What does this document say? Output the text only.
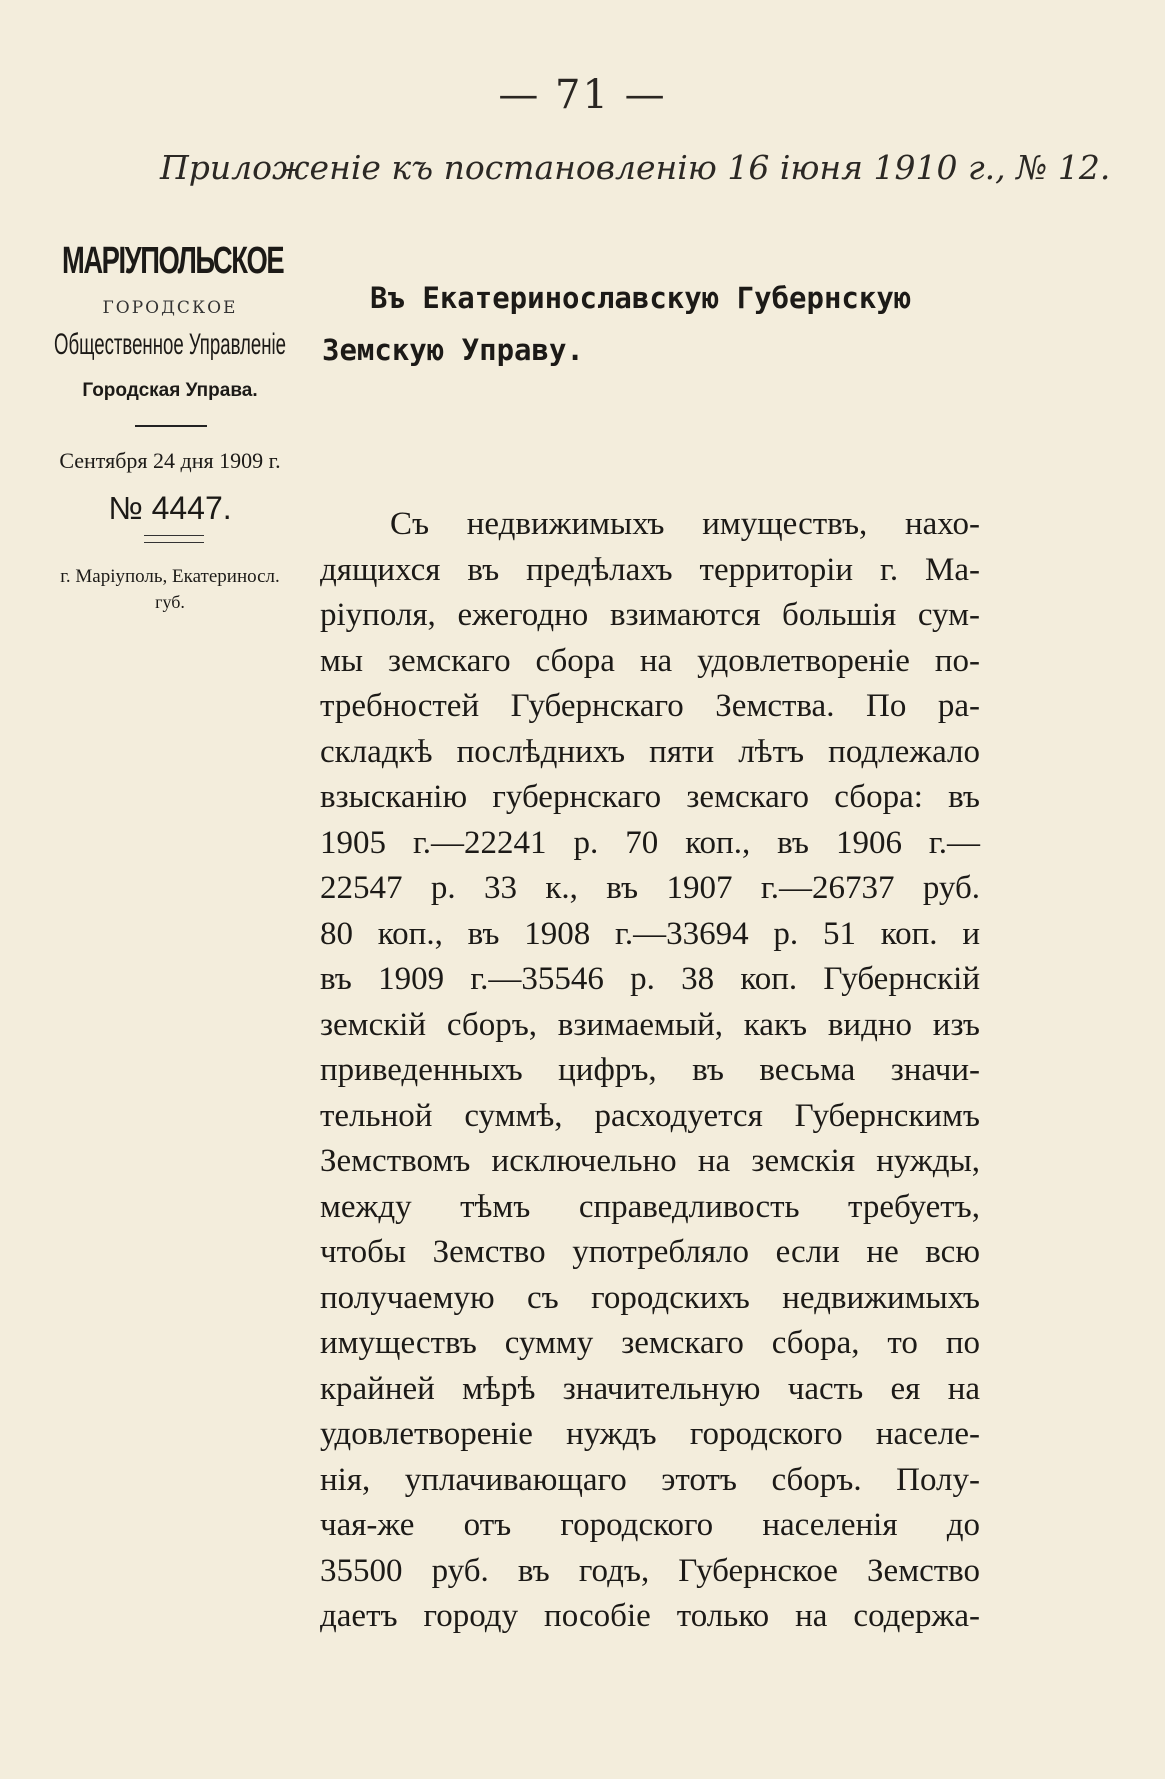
— 71 —
Приложеніе къ постановленію 16 іюня 1910 г., № 12.
МАРІУПОЛЬСКОЕ
ГОРОДСКОЕ
Общественное Управленіе
Городская Управа.
Сентября 24 дня 1909 г.
№ 4447.
г. Маріуполь, Екатериносл.
губ.
Въ Екатеринославскую Губернскую
Земскую Управу.
Съ недвижимыхъ имуществъ, нахо-
дящихся въ предѣлахъ территоріи г. Ма-
ріуполя, ежегодно взимаются большія сум-
мы земскаго сбора на удовлетвореніе по-
требностей Губернскаго Земства. По ра-
складкѣ послѣднихъ пяти лѣтъ подлежало
взысканію губернскаго земскаго сбора: въ
1905 г.—22241 р. 70 коп., въ 1906 г.—
22547 р. 33 к., въ 1907 г.—26737 руб.
80 коп., въ 1908 г.—33694 р. 51 коп. и
въ 1909 г.—35546 р. 38 коп. Губернскій
земскій сборъ, взимаемый, какъ видно изъ
приведенныхъ цифръ, въ весьма значи-
тельной суммѣ, расходуется Губернскимъ
Земствомъ исключельно на земскія нужды,
между тѣмъ справедливость требуетъ,
чтобы Земство употребляло если не всю
получаемую съ городскихъ недвижимыхъ
имуществъ сумму земскаго сбора, то по
крайней мѣрѣ значительную часть ея на
удовлетвореніе нуждъ городского населе-
нія, уплачивающаго этотъ сборъ. Полу-
чая-же отъ городского населенія до
35500 руб. въ годъ, Губернское Земство
даетъ городу пособіе только на содержа-
